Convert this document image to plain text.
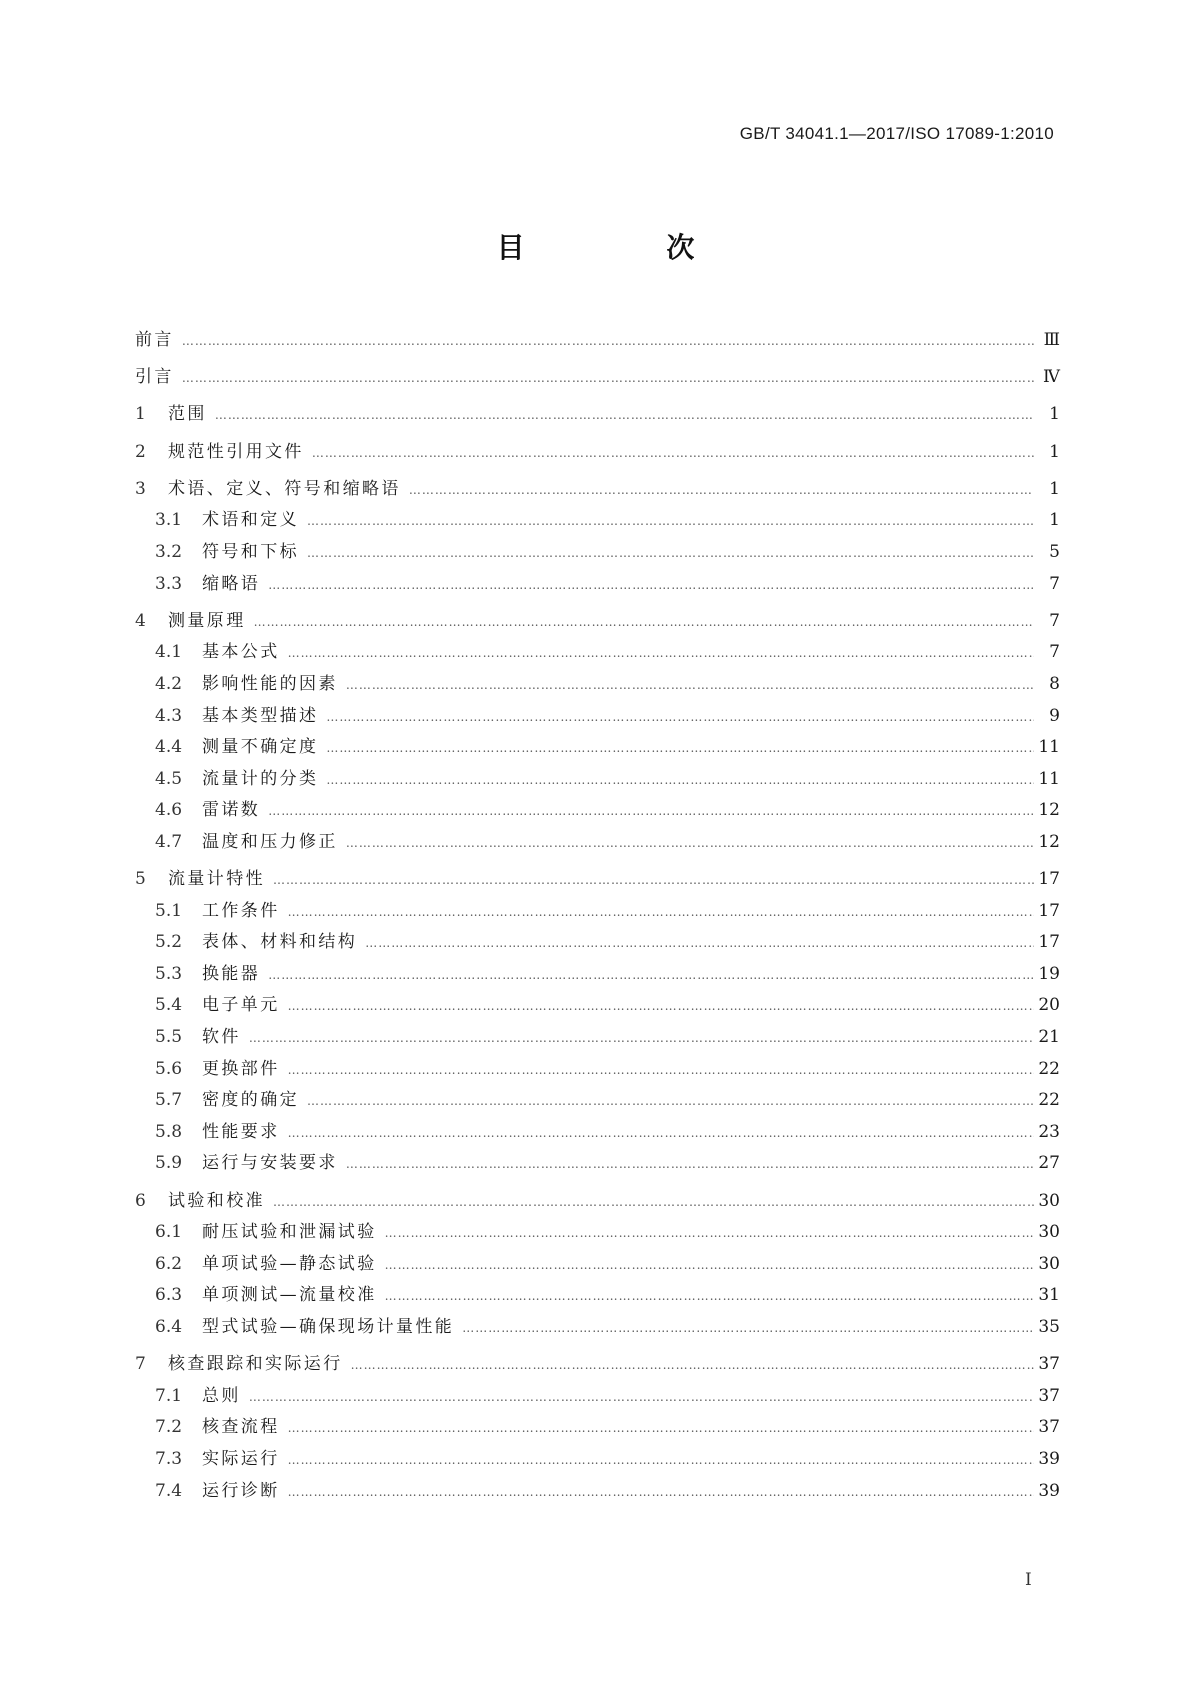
GB/T 34041.1—2017/ISO 17089-1:2010
目 次
前言 ……………………………………………………………………………………………………………………………………………………………………………………………………………………………………………………	Ⅲ
引言 ……………………………………………………………………………………………………………………………………………………………………………………………………………………………………………………	Ⅳ
1	范围 ……………………………………………………………………………………………………………………………………………………………………………………………………………………………………………………	1
2	规范性引用文件 ……………………………………………………………………………………………………………………………………………………………………………………………………………………………………………………	1
3	术语、定义、符号和缩略语 ……………………………………………………………………………………………………………………………………………………………………………………………………………………………………………………	1
3.1	术语和定义 ……………………………………………………………………………………………………………………………………………………………………………………………………………………………………………………	1
3.2	符号和下标 ……………………………………………………………………………………………………………………………………………………………………………………………………………………………………………………	5
3.3	缩略语 ……………………………………………………………………………………………………………………………………………………………………………………………………………………………………………………	7
4	测量原理 ……………………………………………………………………………………………………………………………………………………………………………………………………………………………………………………	7
4.1	基本公式 ……………………………………………………………………………………………………………………………………………………………………………………………………………………………………………………	7
4.2	影响性能的因素 ……………………………………………………………………………………………………………………………………………………………………………………………………………………………………………………	8
4.3	基本类型描述 ……………………………………………………………………………………………………………………………………………………………………………………………………………………………………………………	9
4.4	测量不确定度 ……………………………………………………………………………………………………………………………………………………………………………………………………………………………………………………	11
4.5	流量计的分类 ……………………………………………………………………………………………………………………………………………………………………………………………………………………………………………………	11
4.6	雷诺数 ……………………………………………………………………………………………………………………………………………………………………………………………………………………………………………………	12
4.7	温度和压力修正 ……………………………………………………………………………………………………………………………………………………………………………………………………………………………………………………	12
5	流量计特性 ……………………………………………………………………………………………………………………………………………………………………………………………………………………………………………………	17
5.1	工作条件 ……………………………………………………………………………………………………………………………………………………………………………………………………………………………………………………	17
5.2	表体、材料和结构 ……………………………………………………………………………………………………………………………………………………………………………………………………………………………………………………	17
5.3	换能器 ……………………………………………………………………………………………………………………………………………………………………………………………………………………………………………………	19
5.4	电子单元 ……………………………………………………………………………………………………………………………………………………………………………………………………………………………………………………	20
5.5	软件 ……………………………………………………………………………………………………………………………………………………………………………………………………………………………………………………	21
5.6	更换部件 ……………………………………………………………………………………………………………………………………………………………………………………………………………………………………………………	22
5.7	密度的确定 ……………………………………………………………………………………………………………………………………………………………………………………………………………………………………………………	22
5.8	性能要求 ……………………………………………………………………………………………………………………………………………………………………………………………………………………………………………………	23
5.9	运行与安装要求 ……………………………………………………………………………………………………………………………………………………………………………………………………………………………………………………	27
6	试验和校准 ……………………………………………………………………………………………………………………………………………………………………………………………………………………………………………………	30
6.1	耐压试验和泄漏试验 ……………………………………………………………………………………………………………………………………………………………………………………………………………………………………………………	30
6.2	单项试验—静态试验 ……………………………………………………………………………………………………………………………………………………………………………………………………………………………………………………	30
6.3	单项测试—流量校准 ……………………………………………………………………………………………………………………………………………………………………………………………………………………………………………………	31
6.4	型式试验—确保现场计量性能 ……………………………………………………………………………………………………………………………………………………………………………………………………………………………………………………	35
7	核查跟踪和实际运行 ……………………………………………………………………………………………………………………………………………………………………………………………………………………………………………………	37
7.1	总则 ……………………………………………………………………………………………………………………………………………………………………………………………………………………………………………………	37
7.2	核查流程 ……………………………………………………………………………………………………………………………………………………………………………………………………………………………………………………	37
7.3	实际运行 ……………………………………………………………………………………………………………………………………………………………………………………………………………………………………………………	39
7.4	运行诊断 ……………………………………………………………………………………………………………………………………………………………………………………………………………………………………………………	39
I
